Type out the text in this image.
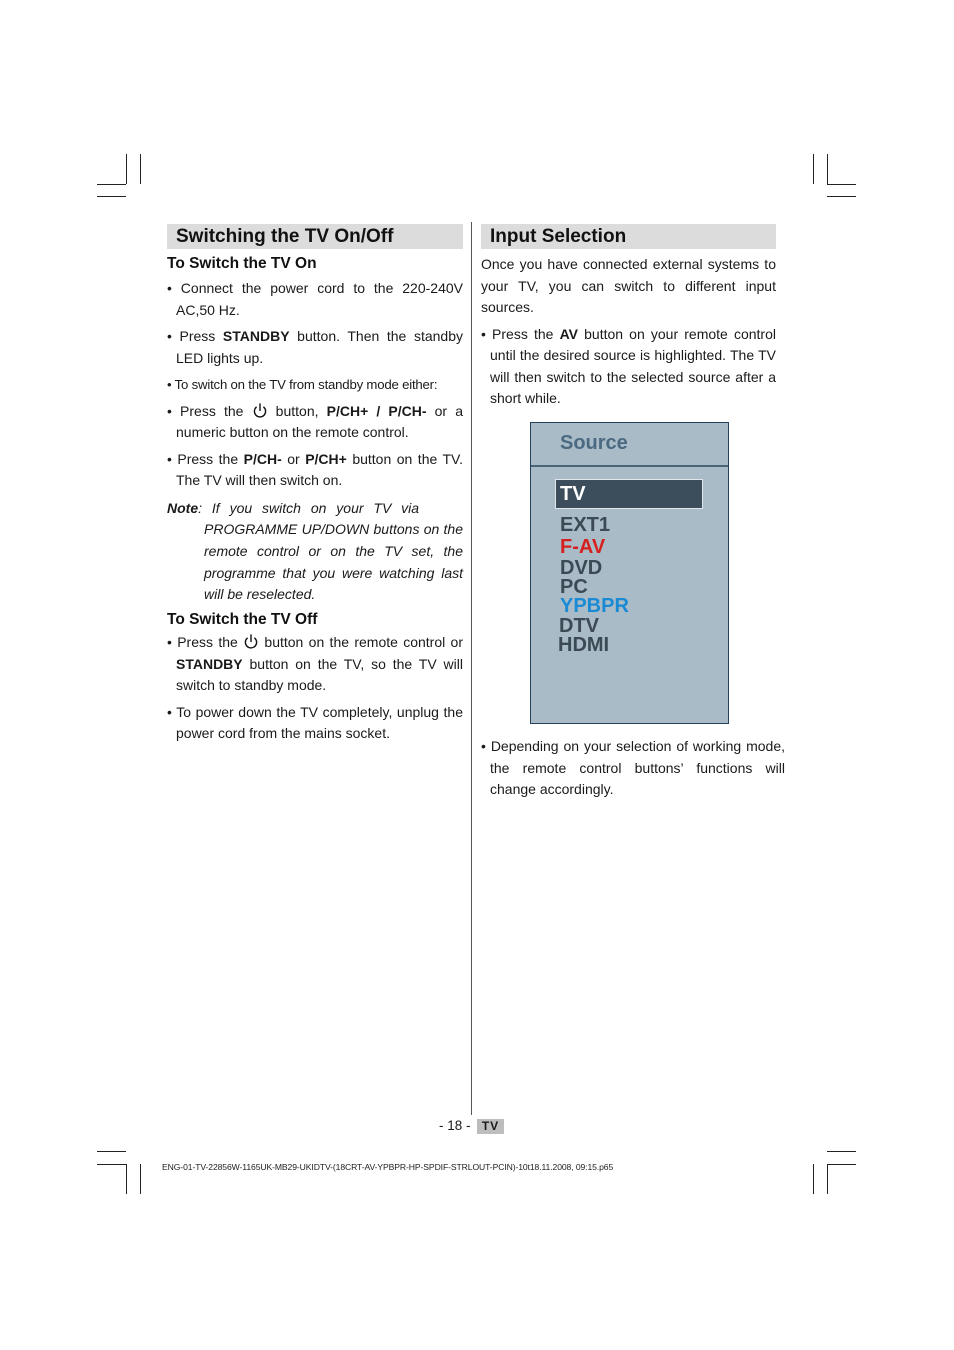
Switching the TV On/Off
To Switch the TV On

• Connect the power cord to the 220-240V AC,50 Hz.

• Press STANDBY button. Then the standby LED lights up.

• To switch on the TV from standby mode either:

• Press the
button, P/CH+ / P/CH- or a numeric button on the remote control.

• Press the P/CH- or P/CH+ button on the TV. The TV will then switch on.

Note: If you switch on your TV via
PROGRAMME UP/DOWN buttons on the remote control or on the TV set, the programme that you were watching last will be reselected.
To Switch the TV Off

• Press the
button on the remote control or STANDBY button on the TV, so the TV will switch to standby mode.

• To power down the TV completely, unplug the power cord from the mains socket.

Input Selection

Once you have connected external systems to your TV, you can switch to different input sources.

• Press the AV button on your remote control until the desired source is highlighted. The TV will then switch to the selected source after a short while.

Source
TV
EXT1
F-AV
DVD
PC
YPBPR
DTV
HDMI

• Depending on your selection of working mode, the remote control buttons’ functions will change accordingly.

- 18 - TV
ENG-01-TV-22856W-1165UK-MB29-UKIDTV-(18CRT-AV-YPBPR-HP-SPDIF-STRLOUT-PCIN)-10t18.11.2008, 09:15.p65
